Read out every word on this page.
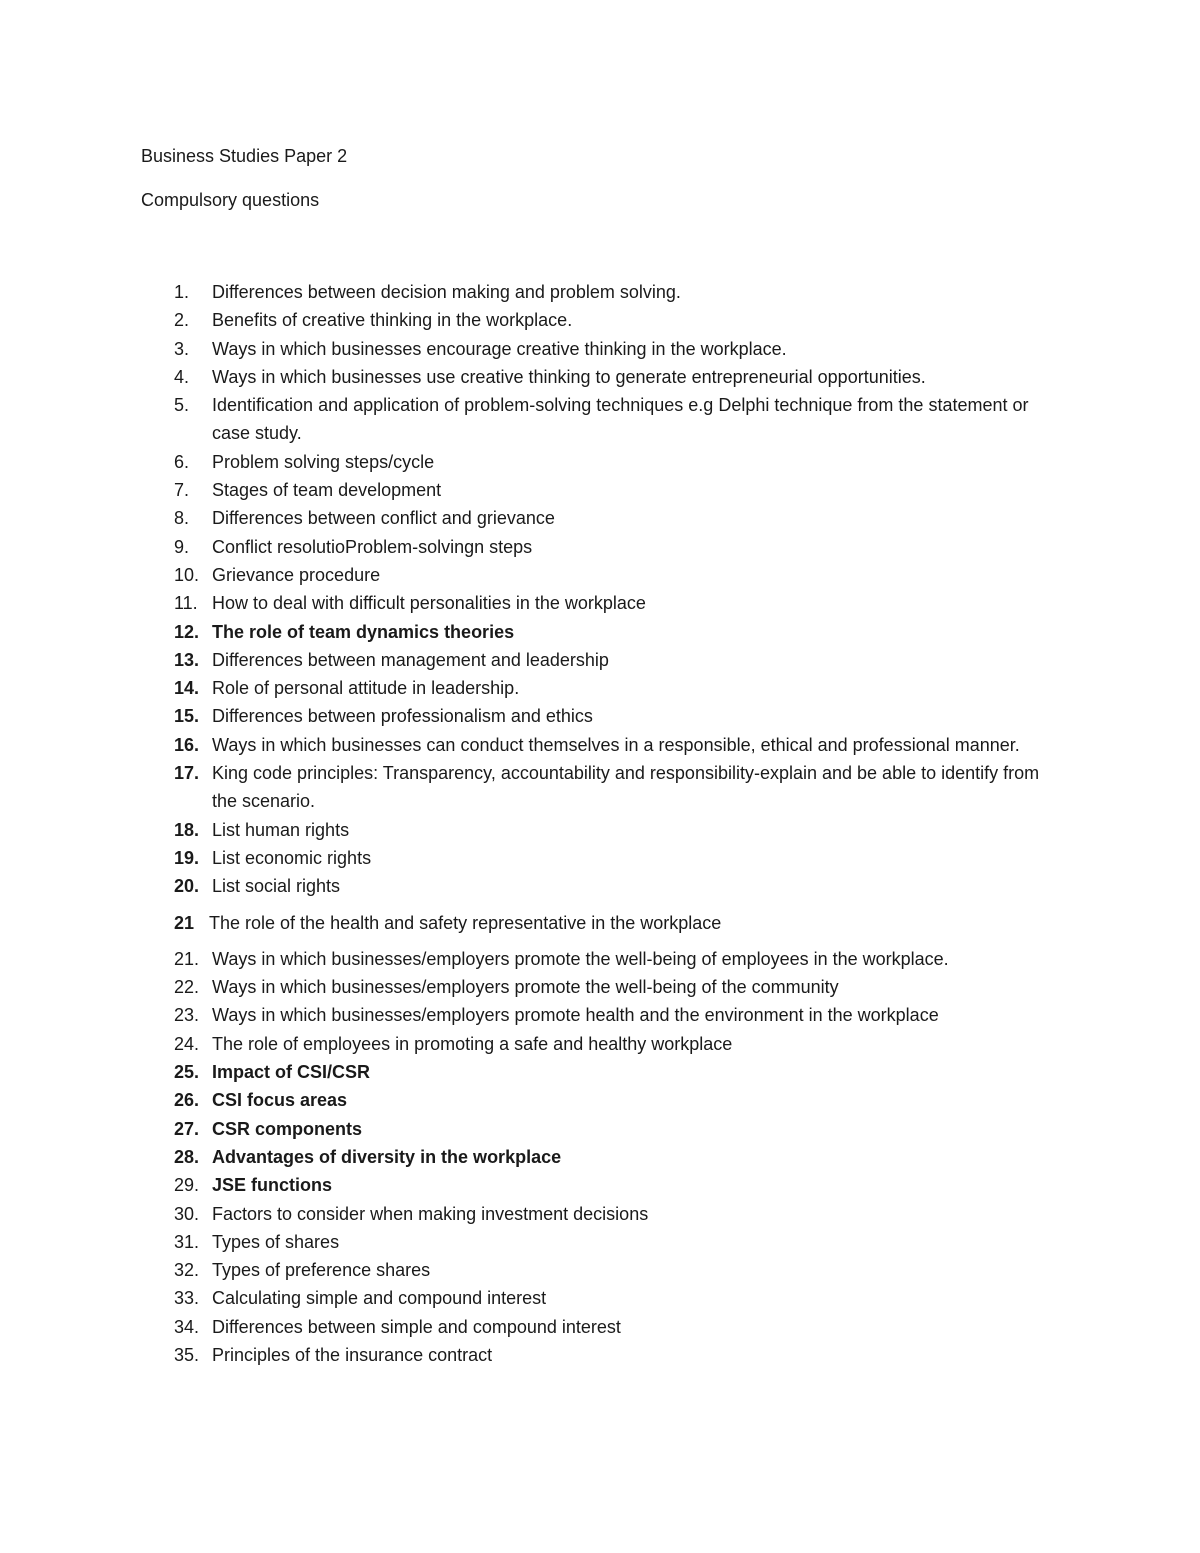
Business Studies Paper 2
Compulsory questions
1. Differences between decision making and problem solving.
2. Benefits of creative thinking in the workplace.
3. Ways in which businesses encourage creative thinking in the workplace.
4. Ways in which businesses use creative thinking to generate entrepreneurial opportunities.
5. Identification and application of problem-solving techniques e.g Delphi technique from the statement or case study.
6. Problem solving steps/cycle
7. Stages of team development
8. Differences between conflict and grievance
9. Conflict resolutioProblem-solvingn steps
10. Grievance procedure
11. How to deal with difficult personalities in the workplace
12. The role of team dynamics theories
13. Differences between management and leadership
14. Role of personal attitude in leadership.
15. Differences between professionalism and ethics
16. Ways in which businesses can conduct themselves in a responsible, ethical and professional manner.
17. King code principles: Transparency, accountability and responsibility-explain and be able to identify from the scenario.
18. List human rights
19. List economic rights
20. List social rights
21 The role of the health and safety representative in the workplace
21. Ways in which businesses/employers promote the well-being of employees in the workplace.
22. Ways in which businesses/employers promote the well-being of the community
23. Ways in which businesses/employers promote health and the environment in the workplace
24. The role of employees in promoting a safe and healthy workplace
25. Impact of CSI/CSR
26. CSI focus areas
27. CSR components
28. Advantages of diversity in the workplace
29. JSE functions
30. Factors to consider when making investment decisions
31. Types of shares
32. Types of preference shares
33. Calculating simple and compound interest
34. Differences between simple and compound interest
35. Principles of the insurance contract
